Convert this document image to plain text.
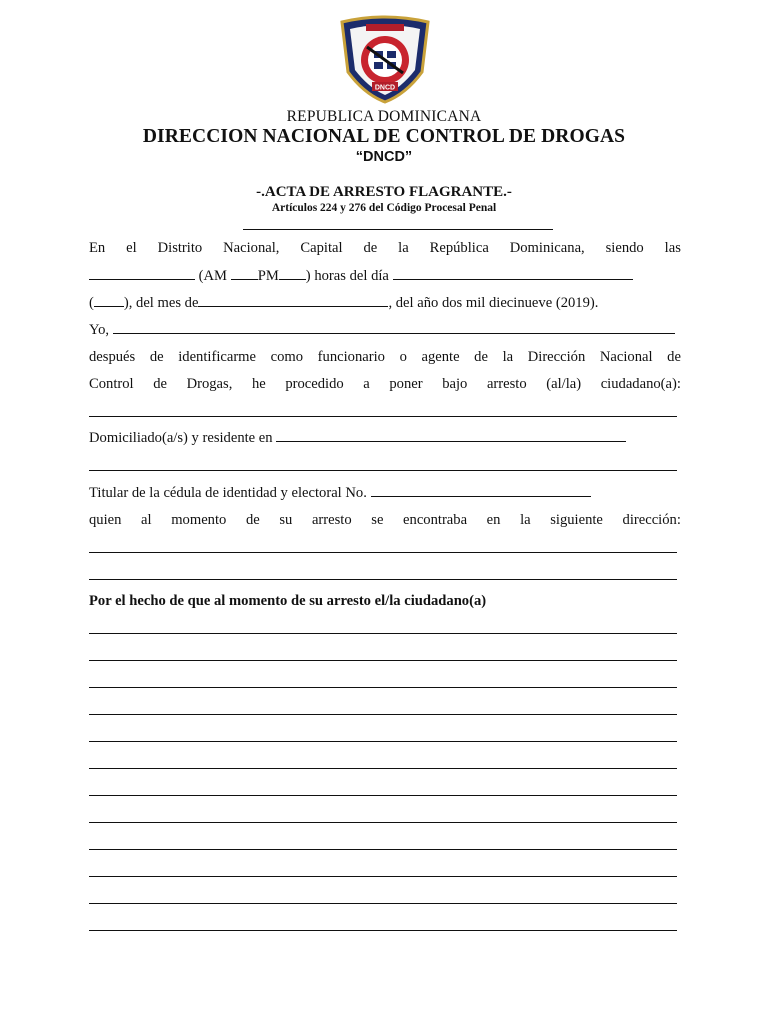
DNCD
REPUBLICA DOMINICANA
DIRECCION NACIONAL DE CONTROL DE DROGAS
“DNCD”
-.ACTA DE ARRESTO FLAGRANTE.-
Artículos 224 y 276 del Código Procesal Penal
En el Distrito Nacional, Capital de la República Dominicana, siendo las
(AM PM ) horas del día
( ), del mes de	, del año dos mil diecinueve (2019).
Yo,
después de identificarme como funcionario o agente de la Dirección Nacional de
Control de Drogas, he procedido a poner bajo arresto (al/la) ciudadano(a):
Domiciliado(a/s) y residente en
Titular de la cédula de identidad y electoral No.
quien al momento de su arresto se encontraba en la siguiente dirección:
Por el hecho de que al momento de su arresto el/la ciudadano(a)
